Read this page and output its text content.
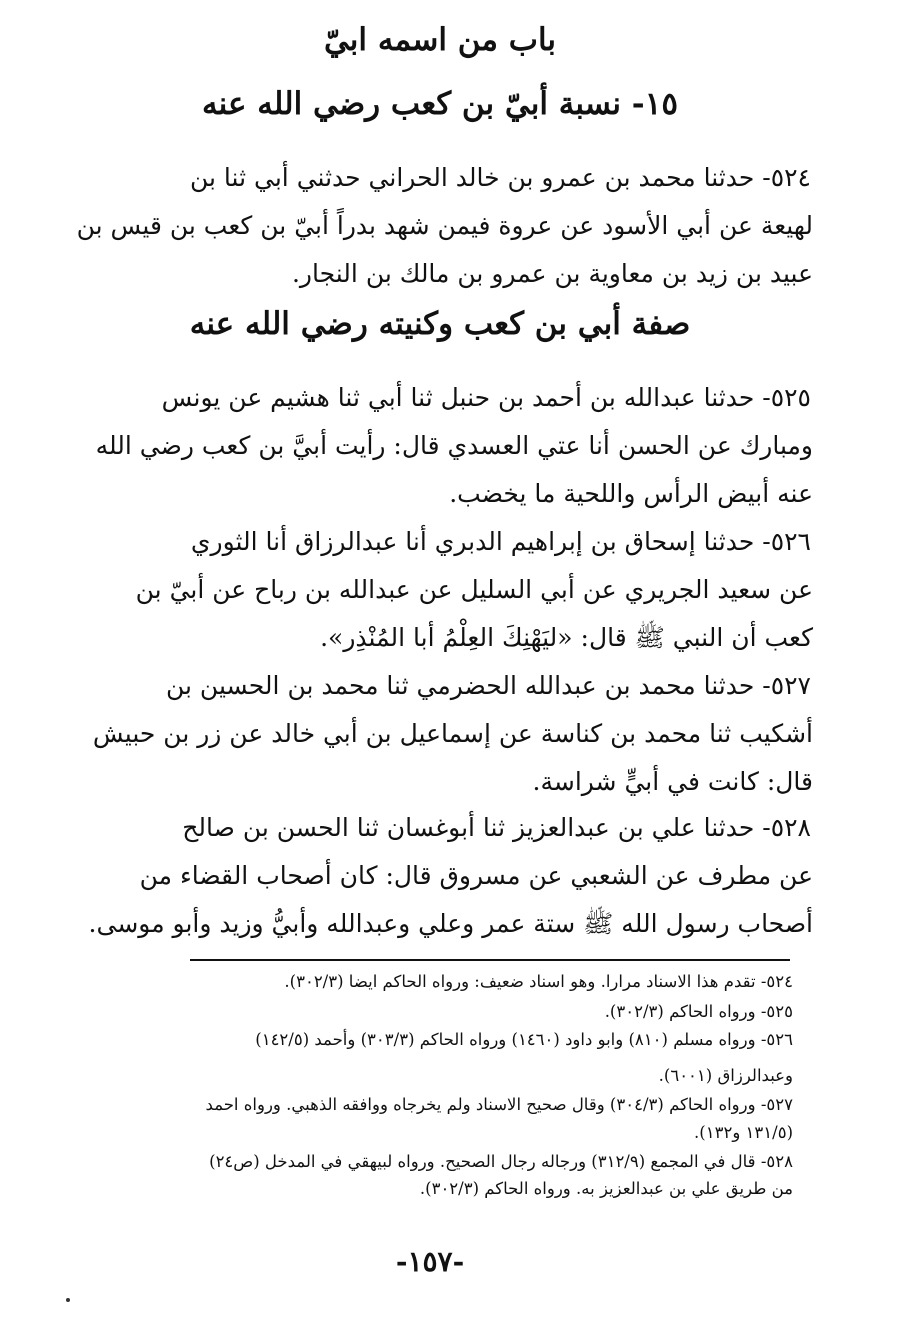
باب من اسمه ابيّ
١٥- نسبة أبيّ بن كعب رضي الله عنه
٥٢٤- حدثنا محمد بن عمرو بن خالد الحراني حدثني أبي ثنا بن
لهيعة عن أبي الأسود عن عروة فيمن شهد بدراً أبيّ بن كعب بن قيس بن
عبيد بن زيد بن معاوية بن عمرو بن مالك بن النجار.
صفة أبي بن كعب وكنيته رضي الله عنه
٥٢٥- حدثنا عبدالله بن أحمد بن حنبل ثنا أبي ثنا هشيم عن يونس
ومبارك عن الحسن أنا عتي العسدي قال: رأيت أبيَّ بن كعب رضي الله
عنه أبيض الرأس واللحية ما يخضب.
٥٢٦- حدثنا إسحاق بن إبراهيم الدبري أنا عبدالرزاق أنا الثوري
عن سعيد الجريري عن أبي السليل عن عبدالله بن رباح عن أبيّ بن
كعب أن النبي ﷺ قال: «ليَهْنِكَ العِلْمُ أبا المُنْذِر».
٥٢٧- حدثنا محمد بن عبدالله الحضرمي ثنا محمد بن الحسين بن
أشكيب ثنا محمد بن كناسة عن إسماعيل بن أبي خالد عن زر بن حبيش
قال: كانت في أبيٍّ شراسة.
٥٢٨- حدثنا علي بن عبدالعزيز ثنا أبوغسان ثنا الحسن بن صالح
عن مطرف عن الشعبي عن مسروق قال: كان أصحاب القضاء من
أصحاب رسول الله ﷺ ستة عمر وعلي وعبدالله وأبيُّ وزيد وأبو موسى.
٥٢٤- تقدم هذا الاسناد مرارا. وهو اسناد ضعيف: ورواه الحاكم ايضا (٣٠٢/٣).
٥٢٥- ورواه الحاكم (٣٠٢/٣).
٥٢٦- ورواه مسلم (٨١٠) وابو داود (١٤٦٠) ورواه الحاكم (٣٠٣/٣) وأحمد (١٤٢/٥)
وعبدالرزاق (٦٠٠١).
٥٢٧- ورواه الحاكم (٣٠٤/٣) وقال صحيح الاسناد ولم يخرجاه ووافقه الذهبي. ورواه احمد
(١٣١/٥ و١٣٢).
٥٢٨- قال في المجمع (٣١٢/٩) ورجاله رجال الصحيح. ورواه لبيهقي في المدخل (ص٢٤)
من طريق علي بن عبدالعزيز به. ورواه الحاكم (٣٠٢/٣).
-١٥٧-
